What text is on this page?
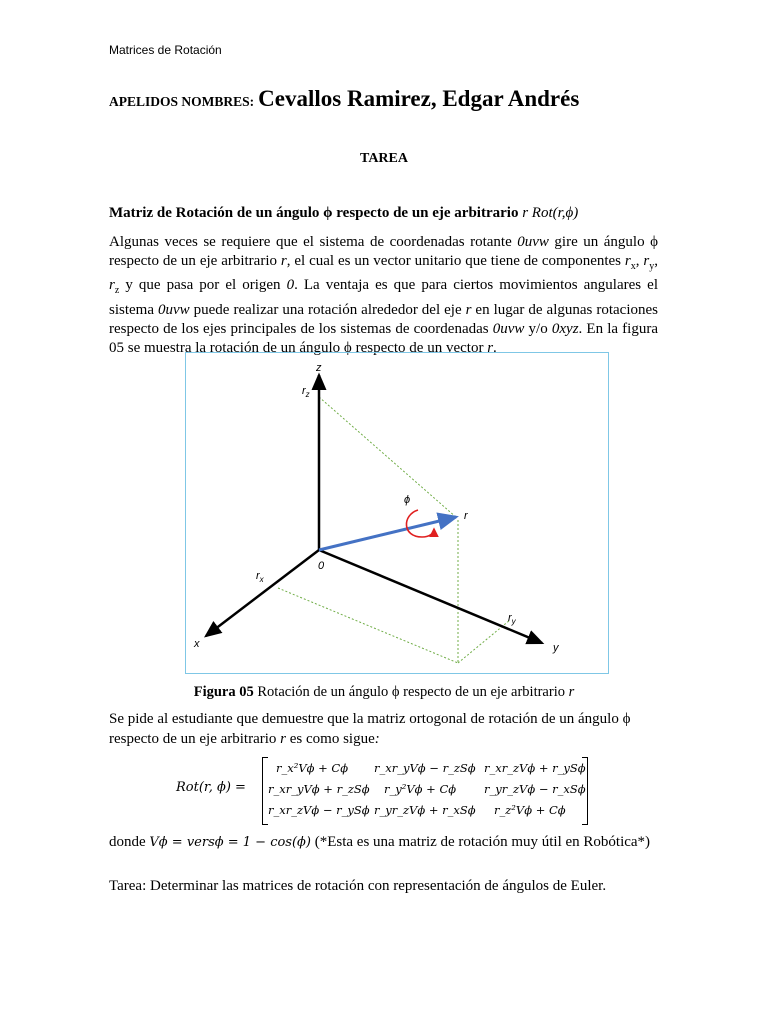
Matrices de Rotación
APELIDOS NOMBRES: Cevallos Ramirez, Edgar Andrés
TAREA
Matriz de Rotación de un ángulo ϕ respecto de un eje arbitrario r Rot(r,ϕ)
Algunas veces se requiere que el sistema de coordenadas rotante 0uvw gire un ángulo ϕ respecto de un eje arbitrario r, el cual es un vector unitario que tiene de componentes $r_x$, $r_y$, $r_z$ y que pasa por el origen 0. La ventaja es que para ciertos movimientos angulares el sistema 0uvw puede realizar una rotación alrededor del eje r en lugar de algunas rotaciones respecto de los ejes principales de los sistemas de coordenadas 0uvw y/o 0xyz. En la figura 05 se muestra la rotación de un ángulo ϕ respecto de un vector r.
z
$r_z$
ϕ
r
0
$r_x$
x
$r_y$
y
Figura 05 Rotación de un ángulo ϕ respecto de un eje arbitrario r
Se pide al estudiante que demuestre que la matriz ortogonal de rotación de un ángulo ϕ respecto de un eje arbitrario r es como sigue:
Rot(r, ϕ) =
r_x²Vϕ + Cϕ r_xr_yVϕ − r_zSϕ r_xr_zVϕ + r_ySϕ
r_xr_yVϕ + r_zSϕ r_y²Vϕ + Cϕ r_yr_zVϕ − r_xSϕ
r_xr_zVϕ − r_ySϕ r_yr_zVϕ + r_xSϕ r_z²Vϕ + Cϕ
donde Vϕ = versϕ = 1 − cos(ϕ) (*Esta es una matriz de rotación muy útil en Robótica*)
Tarea: Determinar las matrices de rotación con representación de ángulos de Euler.
